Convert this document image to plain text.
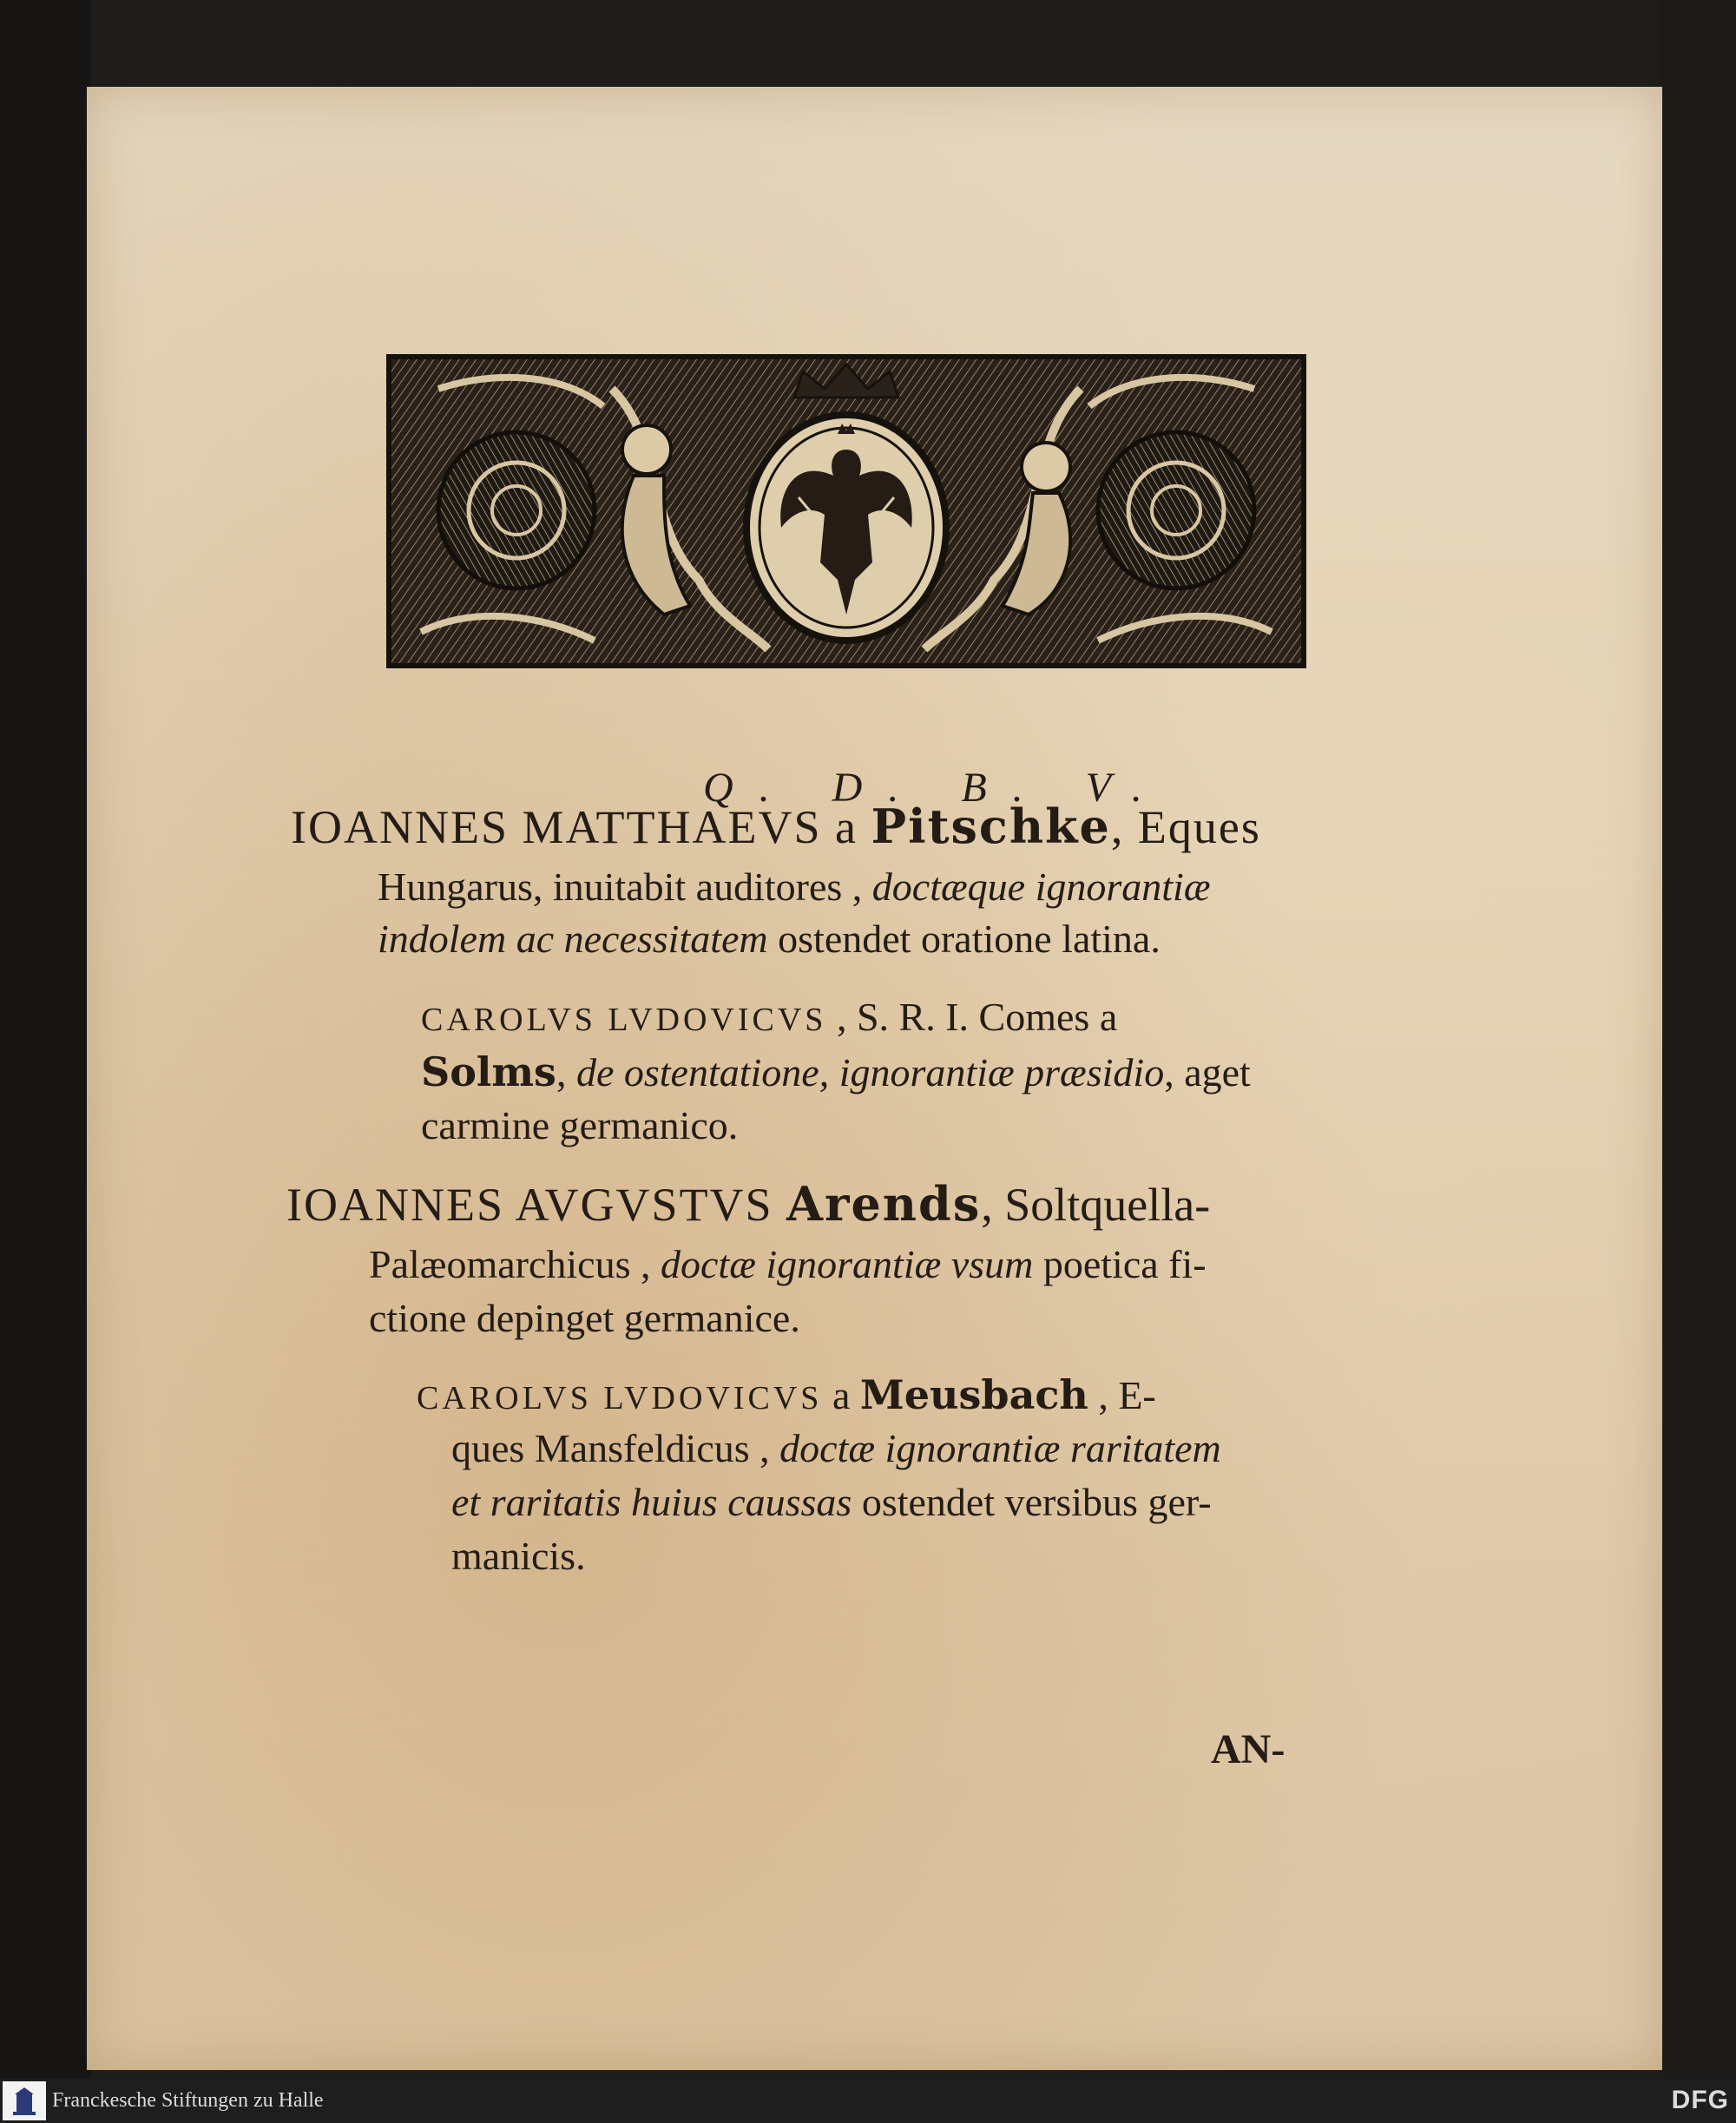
Q. D. B. V.
IOANNES MATTHAEVS a Pitschke, Eques
Hungarus, inuitabit auditores , doctæque ignorantiæ
indolem ac necessitatem ostendet oratione latina.
CAROLVS LVDOVICVS , S. R. I. Comes a
Solms, de ostentatione, ignorantiæ præsidio, aget
carmine germanico.
IOANNES AVGVSTVS Arends, Soltquella-
Palæomarchicus , doctæ ignorantiæ vsum poetica fi-
ctione depinget germanice.
CAROLVS LVDOVICVS a Meusbach , E-
ques Mansfeldicus , doctæ ignorantiæ raritatem
et raritatis huius caussas ostendet versibus ger-
manicis.
AN-
Franckesche Stiftungen zu Halle	DFG
